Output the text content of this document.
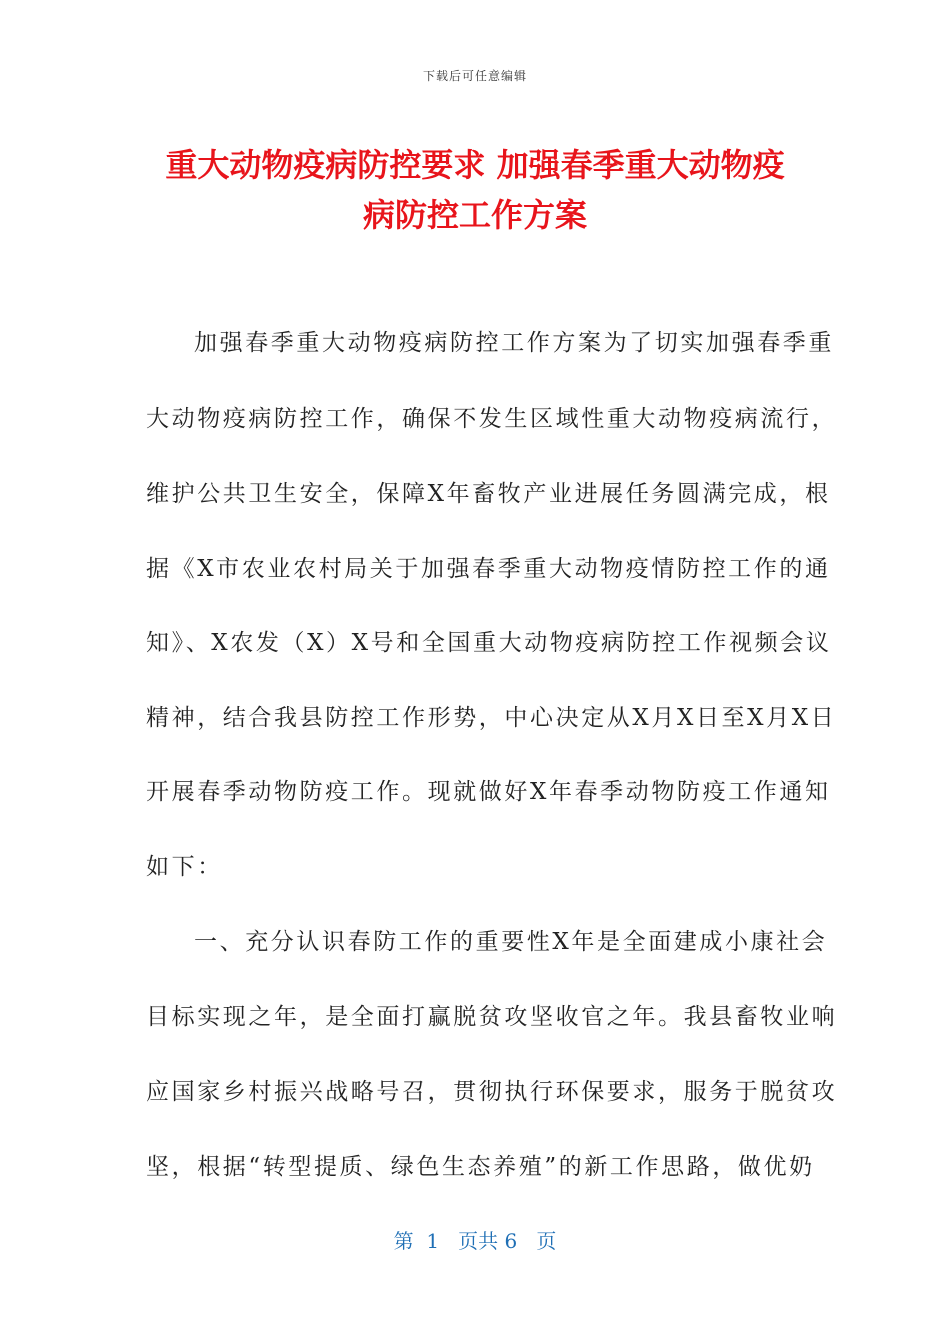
下载后可任意编辑
重大动物疫病防控要求 加强春季重大动物疫
病防控工作方案
加强春季重大动物疫病防控工作方案为了切实加强春季重
大动物疫病防控工作，确保不发生区域性重大动物疫病流行，
维护公共卫生安全，保障X年畜牧产业进展任务圆满完成，根
据《X市农业农村局关于加强春季重大动物疫情防控工作的通
知》、X农发（X）X号和全国重大动物疫病防控工作视频会议
精神，结合我县防控工作形势，中心决定从X月X日至X月X日
开展春季动物防疫工作。现就做好X年春季动物防疫工作通知
如下：
一、充分认识春防工作的重要性X年是全面建成小康社会
目标实现之年，是全面打赢脱贫攻坚收官之年。我县畜牧业响
应国家乡村振兴战略号召，贯彻执行环保要求，服务于脱贫攻
坚，根据“转型提质、绿色生态养殖”的新工作思路，做优奶
第  1   页共 6   页
